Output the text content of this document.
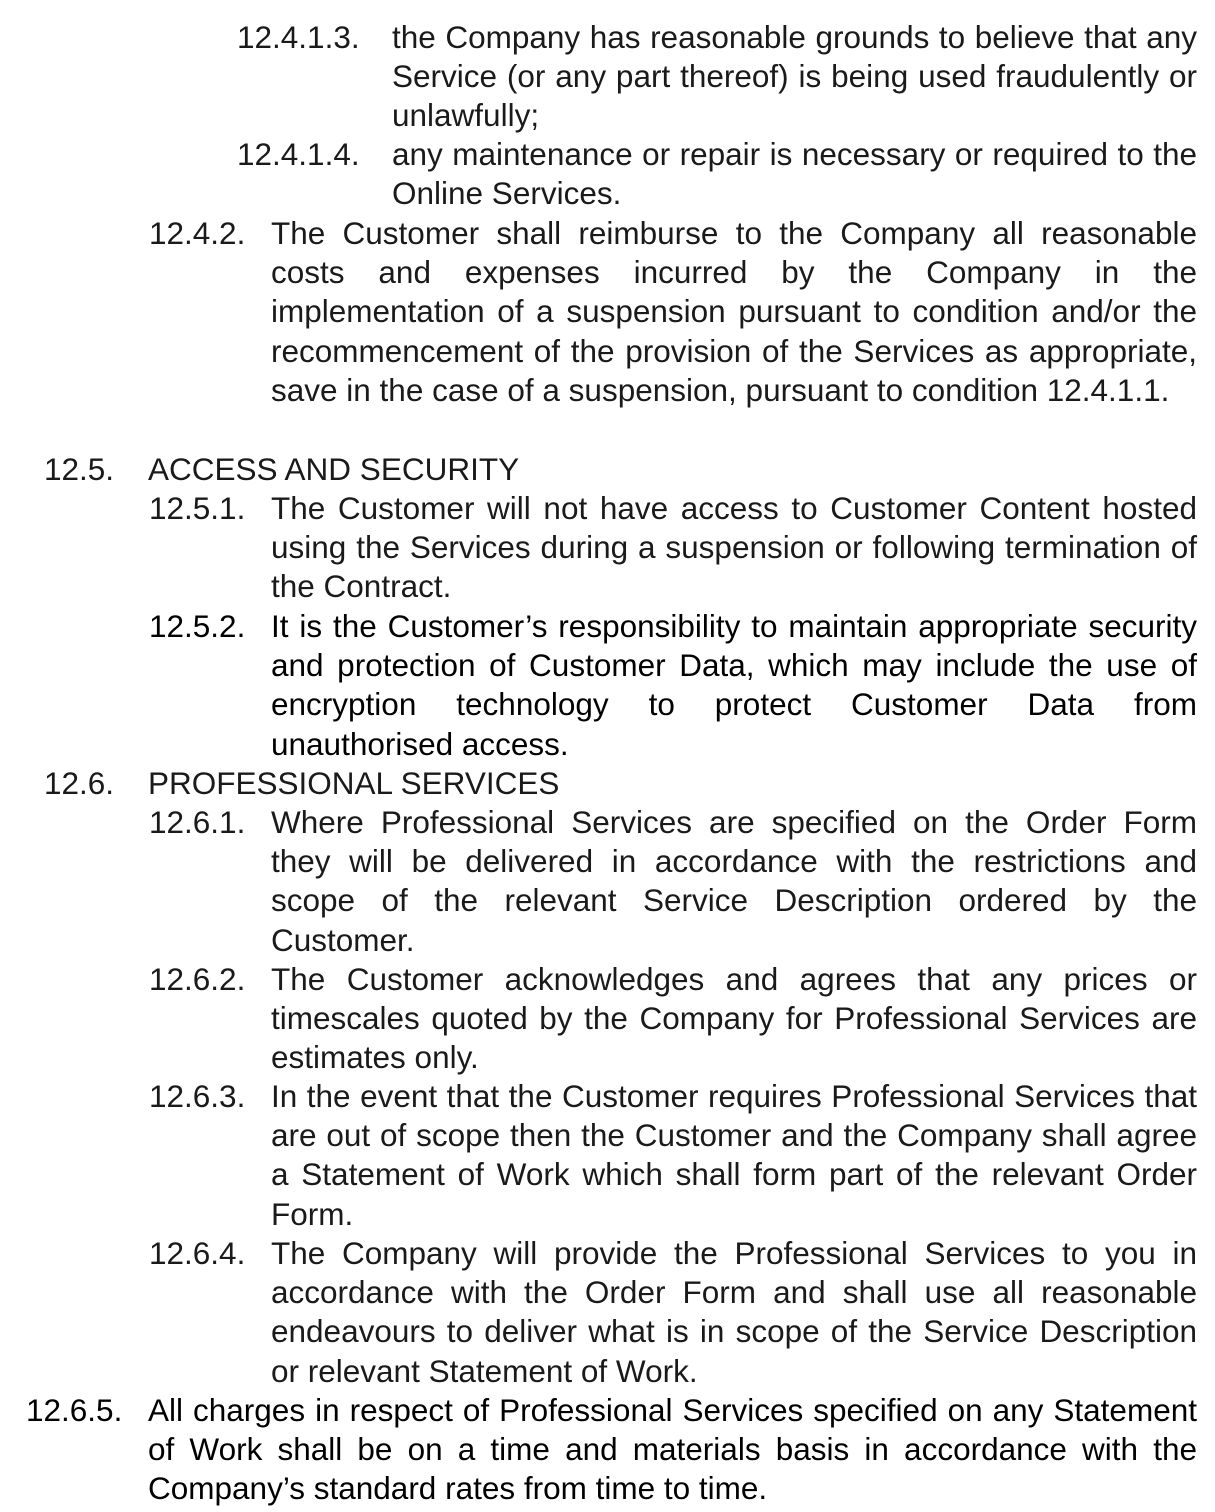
12.4.1.3. the Company has reasonable grounds to believe that any Service (or any part thereof) is being used fraudulently or unlawfully;
12.4.1.4. any maintenance or repair is necessary or required to the Online Services.
12.4.2. The Customer shall reimburse to the Company all reasonable costs and expenses incurred by the Company in the implementation of a suspension pursuant to condition and/or the recommencement of the provision of the Services as appropriate, save in the case of a suspension, pursuant to condition 12.4.1.1.
12.5. ACCESS AND SECURITY
12.5.1. The Customer will not have access to Customer Content hosted using the Services during a suspension or following termination of the Contract.
12.5.2. It is the Customer’s responsibility to maintain appropriate security and protection of Customer Data, which may include the use of encryption technology to protect Customer Data from unauthorised access.
12.6. PROFESSIONAL SERVICES
12.6.1. Where Professional Services are specified on the Order Form they will be delivered in accordance with the restrictions and scope of the relevant Service Description ordered by the Customer.
12.6.2. The Customer acknowledges and agrees that any prices or timescales quoted by the Company for Professional Services are estimates only.
12.6.3. In the event that the Customer requires Professional Services that are out of scope then the Customer and the Company shall agree a Statement of Work which shall form part of the relevant Order Form.
12.6.4. The Company will provide the Professional Services to you in accordance with the Order Form and shall use all reasonable endeavours to deliver what is in scope of the Service Description or relevant Statement of Work.
12.6.5. All charges in respect of Professional Services specified on any Statement of Work shall be on a time and materials basis in accordance with the Company’s standard rates from time to time.
